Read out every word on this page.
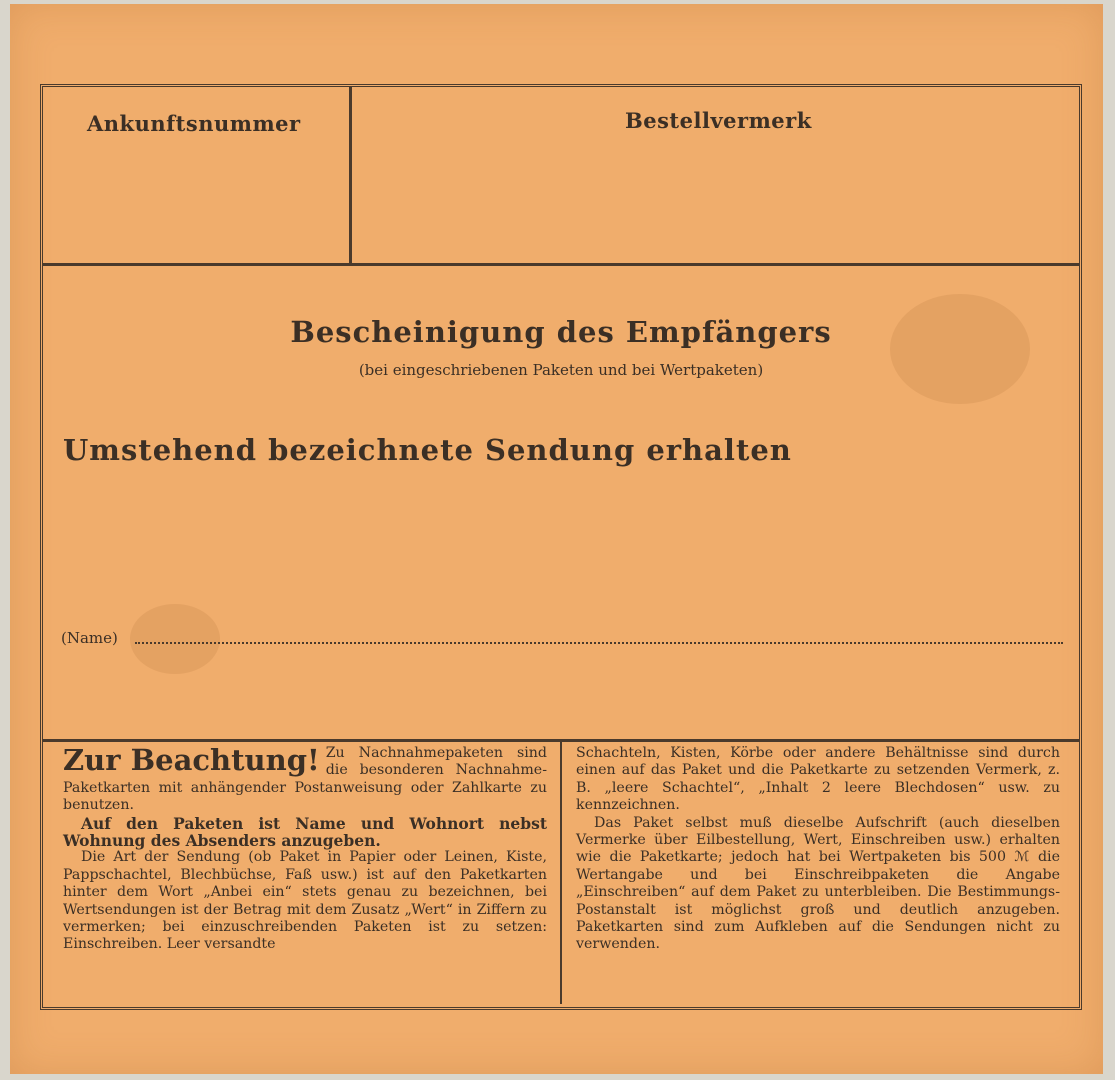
Ankunftsnummer	Bestellvermerk
Bescheinigung des Empfängers
(bei eingeschriebenen Paketen und bei Wertpaketen)
Umstehend bezeichnete Sendung erhalten
(Name)

Zur Beachtung! Zu Nachnahmepaketen sind die besonderen Nachnahme-Paketkarten mit anhängender Postanweisung oder Zahlkarte zu benutzen.

Auf den Paketen ist Name und Wohnort nebst Wohnung des Absenders anzugeben.

Die Art der Sendung (ob Paket in Papier oder Leinen, Kiste, Pappschachtel, Blechbüchse, Faß usw.) ist auf den Paketkarten hinter dem Wort „Anbei ein“ stets genau zu bezeichnen, bei Wertsendungen ist der Betrag mit dem Zusatz „Wert“ in Ziffern zu vermerken; bei einzuschreibenden Paketen ist zu setzen: Einschreiben. Leer versandte

Schachteln, Kisten, Körbe oder andere Behältnisse sind durch einen auf das Paket und die Paketkarte zu setzenden Vermerk, z. B. „leere Schachtel“, „Inhalt 2 leere Blechdosen“ usw. zu kennzeichnen.

Das Paket selbst muß dieselbe Aufschrift (auch dieselben Vermerke über Eilbestellung, Wert, Einschreiben usw.) erhalten wie die Paketkarte; jedoch hat bei Wertpaketen bis 500 ℳ die Wertangabe und bei Einschreibpaketen die Angabe „Einschreiben“ auf dem Paket zu unterbleiben. Die Bestimmungs-Postanstalt ist möglichst groß und deutlich anzugeben. Paketkarten sind zum Aufkleben auf die Sendungen nicht zu verwenden.
